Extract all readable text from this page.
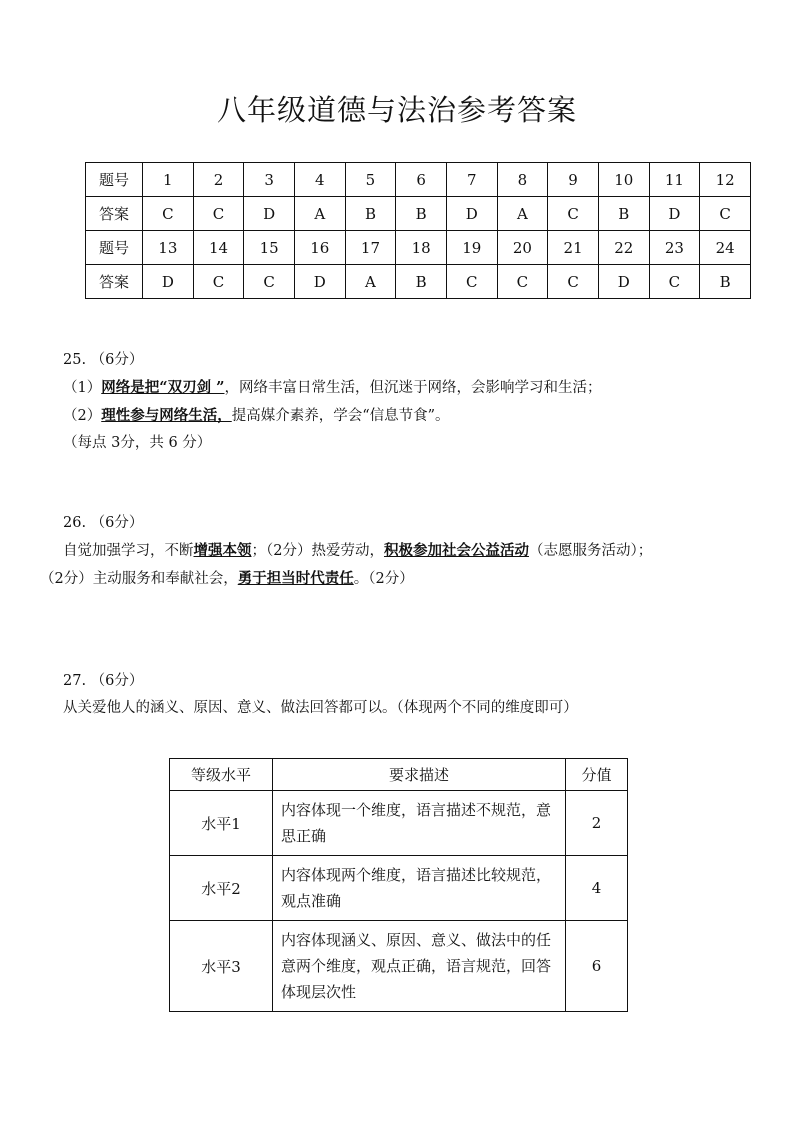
八年级道德与法治参考答案
题号	1	2	3	4	5	6	7	8	9	10	11	12
答案	C	C	D	A	B	B	D	A	C	B	D	C
题号	13	14	15	16	17	18	19	20	21	22	23	24
答案	D	C	C	D	A	B	C	C	C	D	C	B

25. （6分）

（1）网络是把“双刃剑 ”，网络丰富日常生活，但沉迷于网络，会影响学习和生活；

（2）理性参与网络生活，提高媒介素养，学会“信息节食”。

（每点 3分，共 6 分）

26. （6分）

自觉加强学习，不断增强本领；（2分）热爱劳动，积极参加社会公益活动（志愿服务活动）；

（2分）主动服务和奉献社会，勇于担当时代责任。（2分）

27. （6分）

从关爱他人的涵义、原因、意义、做法回答都可以。（体现两个不同的维度即可）

等级水平	要求描述	分值
水平1	内容体现一个维度，语言描述不规范，意思正确	2
水平2	内容体现两个维度，语言描述比较规范，观点准确	4
水平3	内容体现涵义、原因、意义、做法中的任意两个维度，观点正确，语言规范，回答体现层次性	6
